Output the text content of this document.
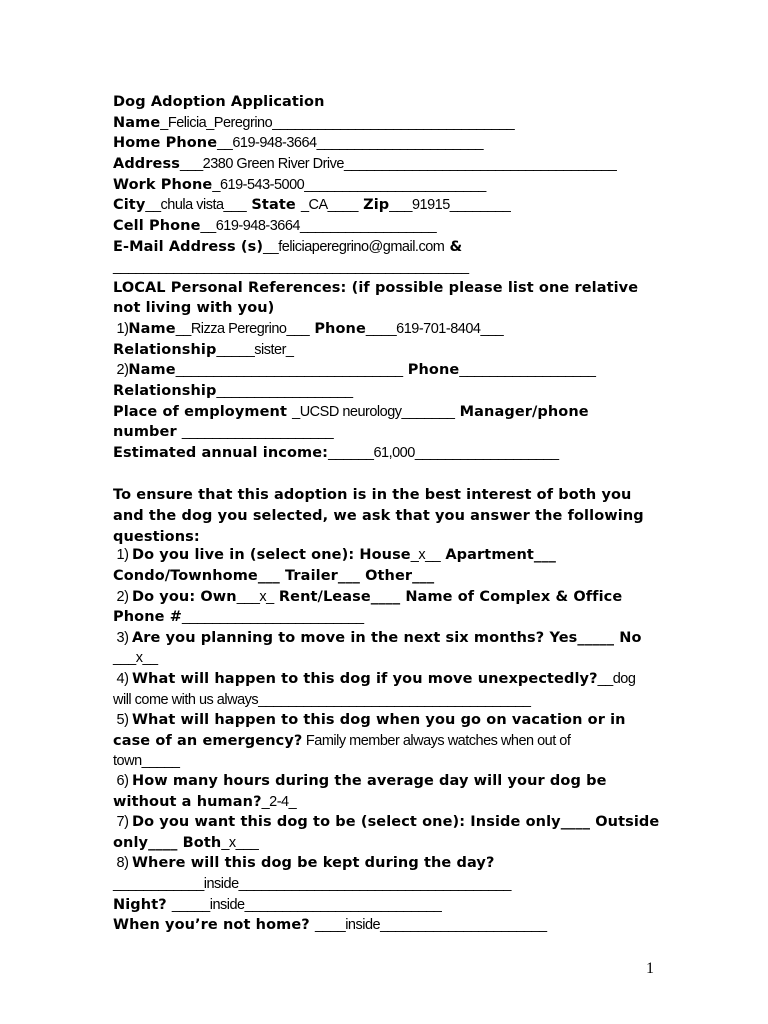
Dog Adoption Application

Name_Felicia_Peregrino________________________________

Home Phone__619-948-3664______________________

Address___2380 Green River Drive____________________________________

Work Phone_619-543-5000________________________

City__chula vista___ State _CA____ Zip___91915________

Cell Phone__619-948-3664__________________

E-Mail Address (s)__feliciaperegrino@gmail.com &

_______________________________________________

LOCAL Personal References: (if possible please list one relative

not living with you)

1)Name__Rizza Peregrino___ Phone____619-701-8404___

Relationship_____sister_

2)Name______________________________ Phone__________________

Relationship__________________

Place of employment _UCSD neurology_______ Manager/phone

number ____________________

Estimated annual income:______61,000___________________

To ensure that this adoption is in the best interest of both you

and the dog you selected, we ask that you answer the following

questions:

1) Do you live in (select one): House_x__ Apartment___

Condo/Townhome___ Trailer___ Other___

2) Do you: Own___x_ Rent/Lease____ Name of Complex & Office

Phone #________________________

3) Are you planning to move in the next six months? Yes_____ No

___x__

4) What will happen to this dog if you move unexpectedly?__dog

will come with us always____________________________________

5) What will happen to this dog when you go on vacation or in

case of an emergency? Family member always watches when out of

town_____

6) How many hours during the average day will your dog be

without a human?_2-4_

7) Do you want this dog to be (select one): Inside only____ Outside

only____ Both_x___

8) Where will this dog be kept during the day?

____________inside____________________________________

Night? _____inside__________________________

When you’re not home? ____inside______________________

1
